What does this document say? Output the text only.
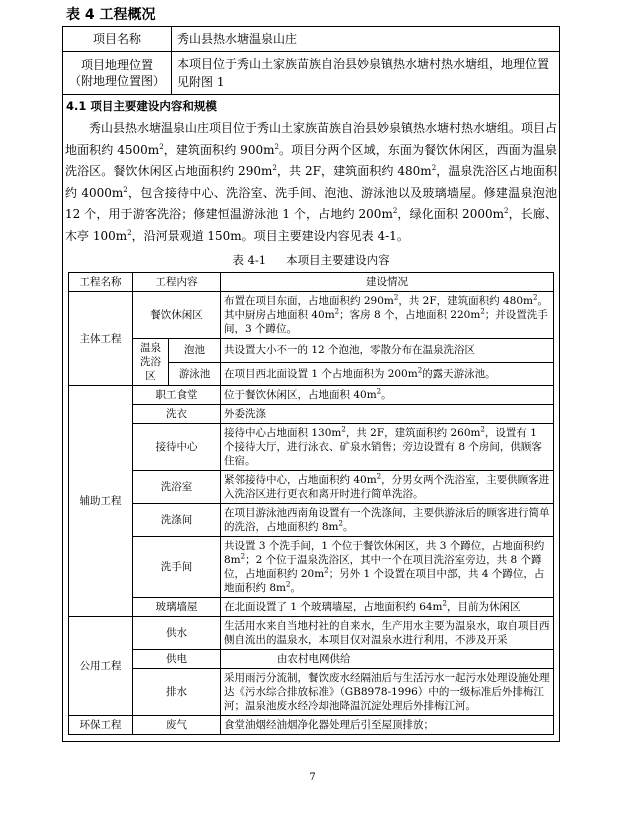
表 4 工程概况
项目名称	秀山县热水塘温泉山庄

项目地理位置
（附地理位置图）
	本项目位于秀山土家族苗族自治县妙泉镇热水塘村热水塘组，地理位置见附图 1

4.1 项目主要建设内容和规模
秀山县热水塘温泉山庄项目位于秀山土家族苗族自治县妙泉镇热水塘村热水塘组。项目占地面积约 $4500m^2$，建筑面积约 $900m^2$。项目分两个区域，东面为餐饮休闲区，西面为温泉洗浴区。餐饮休闲区占地面积约 $290m^2$，共 2F，建筑面积约 $480m^2$，温泉洗浴区占地面积约 $4000m^2$，包含接待中心、洗浴室、洗手间、泡池、游泳池以及玻璃墙屋。修建温泉泡池 12 个，用于游客洗浴；修建恒温游泳池 1 个，占地约 $200m^2$，绿化面积 $2000m^2$，长廊、木亭 $100m^2$，沿河景观道 150m。项目主要建设内容见表 4-1。
表 4-1 本项目主要建设内容
工程名称	工程内容	建设情况
主体工程	餐饮休闲区	布置在项目东面，占地面积约 $290m^2$，共 2F，建筑面积约 $480m^2$。其中厨房占地面积 $40m^2$；客房 8 个，占地面积 $220m^2$；并设置洗手间，3 个蹲位。
温泉洗浴区	泡池	共设置大小不一的 12 个泡池，零散分布在温泉洗浴区
游泳池	在项目西北面设置 1 个占地面积为 $200m^2$的露天游泳池。
辅助工程	职工食堂	位于餐饮休闲区，占地面积 $40m^2$。
洗衣	外委洗涤
接待中心	接待中心占地面积 $130m^2$，共 2F，建筑面积约 $260m^2$，设置有 1 个接待大厅，进行泳衣、矿泉水销售；旁边设置有 8 个房间，供顾客住宿。
洗浴室	紧邻接待中心，占地面积约 $40m^2$，分男女两个洗浴室，主要供顾客进入洗浴区进行更衣和离开时进行简单洗浴。
洗涤间	在项目游泳池西南角设置有一个洗涤间，主要供游泳后的顾客进行简单的洗浴，占地面积约 $8m^2$。
洗手间	共设置 3 个洗手间，1 个位于餐饮休闲区，共 3 个蹲位，占地面积约 $8m^2$；2 个位于温泉洗浴区，其中一个在项目洗浴室旁边，共 8 个蹲位，占地面积约 $20m^2$；另外 1 个设置在项目中部，共 4 个蹲位，占地面积约 $8m^2$。
玻璃墙屋	在北面设置了 1 个玻璃墙屋，占地面积约 $64m^2$，目前为休闲区
公用工程	供水	生活用水来自当地村社的自来水，生产用水主要为温泉水，取自项目西侧自流出的温泉水，本项目仅对温泉水进行利用，不涉及开采
供电	由农村电网供给
排水	采用雨污分流制，餐饮废水经隔油后与生活污水一起污水处理设施处理达《污水综合排放标准》（GB8978-1996）中的一级标准后外排梅江河；温泉池废水经冷却池降温沉淀处理后外排梅江河。
环保工程	废气	食堂油烟经油烟净化器处理后引至屋顶排放；
7
